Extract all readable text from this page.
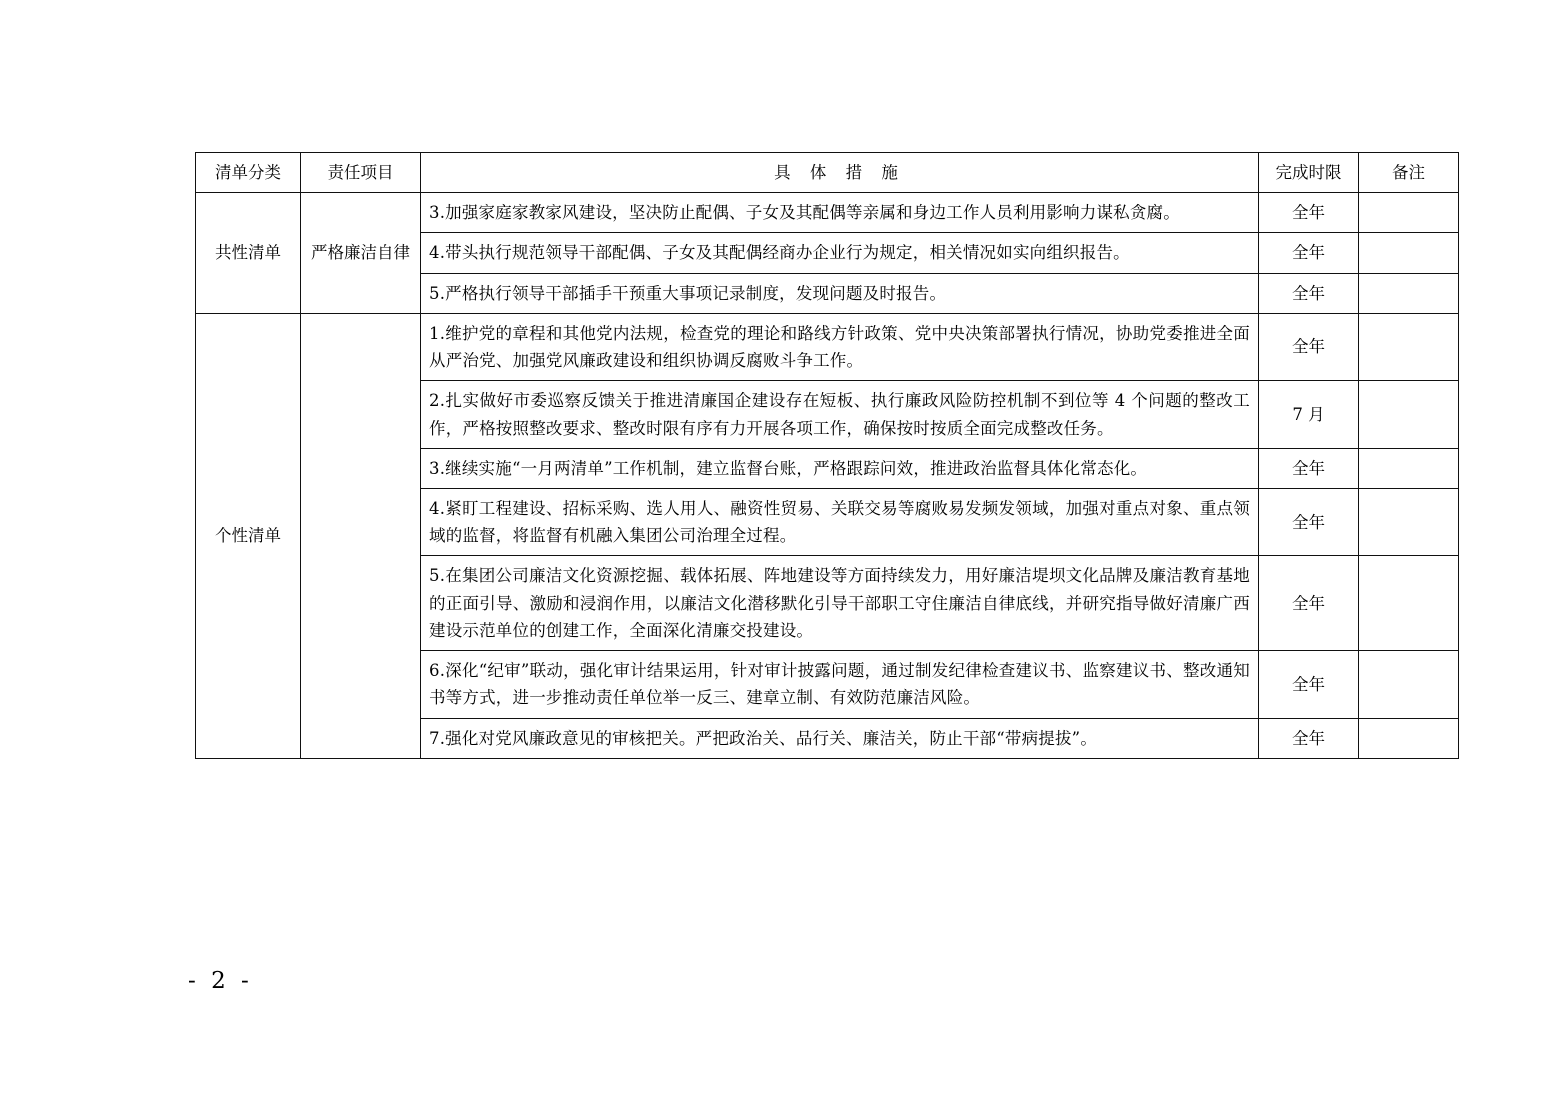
清单分类	责任项目	具 体 措 施	完成时限	备注
共性清单	严格廉洁自律	3.加强家庭家教家风建设，坚决防止配偶、子女及其配偶等亲属和身边工作人员利用影响力谋私贪腐。	全年	
		4.带头执行规范领导干部配偶、子女及其配偶经商办企业行为规定，相关情况如实向组织报告。	全年	
		5.严格执行领导干部插手干预重大事项记录制度，发现问题及时报告。	全年	
个性清单		1.维护党的章程和其他党内法规，检查党的理论和路线方针政策、党中央决策部署执行情况，协助党委推进全面从严治党、加强党风廉政建设和组织协调反腐败斗争工作。	全年	
		2.扎实做好市委巡察反馈关于推进清廉国企建设存在短板、执行廉政风险防控机制不到位等 4 个问题的整改工作，严格按照整改要求、整改时限有序有力开展各项工作，确保按时按质全面完成整改任务。	7 月	
		3.继续实施“一月两清单”工作机制，建立监督台账，严格跟踪问效，推进政治监督具体化常态化。	全年	
		4.紧盯工程建设、招标采购、选人用人、融资性贸易、关联交易等腐败易发频发领域，加强对重点对象、重点领域的监督，将监督有机融入集团公司治理全过程。	全年	
		5.在集团公司廉洁文化资源挖掘、载体拓展、阵地建设等方面持续发力，用好廉洁堤坝文化品牌及廉洁教育基地的正面引导、激励和浸润作用，以廉洁文化潜移默化引导干部职工守住廉洁自律底线，并研究指导做好清廉广西建设示范单位的创建工作，全面深化清廉交投建设。	全年	
		6.深化“纪审”联动，强化审计结果运用，针对审计披露问题，通过制发纪律检查建议书、监察建议书、整改通知书等方式，进一步推动责任单位举一反三、建章立制、有效防范廉洁风险。	全年	
		7.强化对党风廉政意见的审核把关。严把政治关、品行关、廉洁关，防止干部“带病提拔”。	全年	
- 2 -
